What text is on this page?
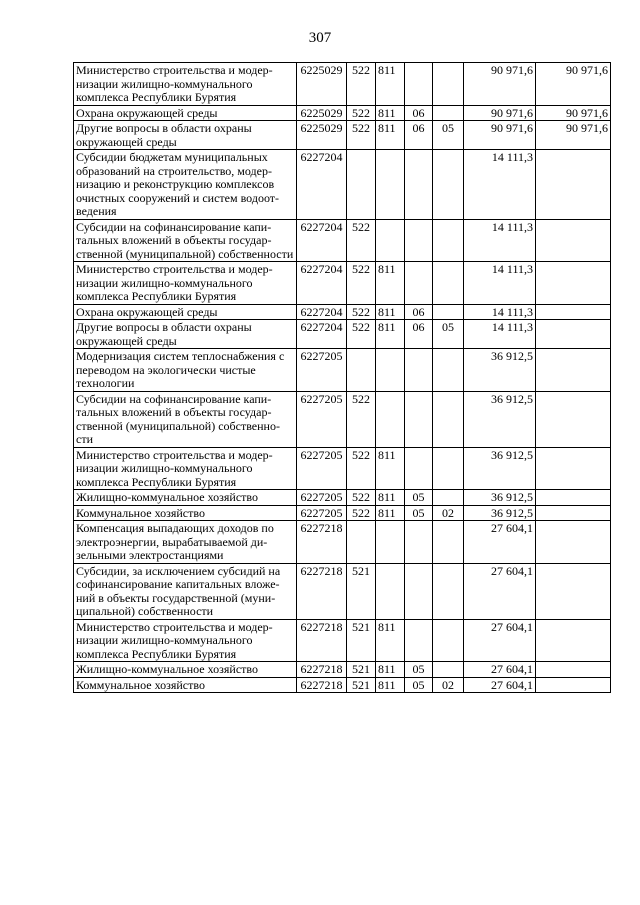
307
Министерство строительства и модер-низации жилищно-коммунального комплекса Республики Бурятия	6225029	522	811			90 971,6	90 971,6
Охрана окружающей среды	6225029	522	811	06		90 971,6	90 971,6
Другие вопросы в области охраны окружающей среды	6225029	522	811	06	05	90 971,6	90 971,6
Субсидии бюджетам муниципальных образований на строительство, модер-низацию и реконструкцию комплексов очистных сооружений и систем водоот-ведения	6227204					14 111,3	
Субсидии на софинансирование капи-тальных вложений в объекты государ-ственной (муниципальной) собственности	6227204	522				14 111,3	
Министерство строительства и модер-низации жилищно-коммунального комплекса Республики Бурятия	6227204	522	811			14 111,3	
Охрана окружающей среды	6227204	522	811	06		14 111,3	
Другие вопросы в области охраны окружающей среды	6227204	522	811	06	05	14 111,3	
Модернизация систем теплоснабжения с переводом на экологически чистые технологии	6227205					36 912,5	
Субсидии на софинансирование капи-тальных вложений в объекты государ-ственной (муниципальной) собственно-сти	6227205	522				36 912,5	
Министерство строительства и модер-низации жилищно-коммунального комплекса Республики Бурятия	6227205	522	811			36 912,5	
Жилищно-коммунальное хозяйство	6227205	522	811	05		36 912,5	
Коммунальное хозяйство	6227205	522	811	05	02	36 912,5	
Компенсация выпадающих доходов по электроэнергии, вырабатываемой ди-зельными электростанциями	6227218					27 604,1	
Субсидии, за исключением субсидий на софинансирование капитальных вложе-ний в объекты государственной (муни-ципальной) собственности	6227218	521				27 604,1	
Министерство строительства и модер-низации жилищно-коммунального комплекса Республики Бурятия	6227218	521	811			27 604,1	
Жилищно-коммунальное хозяйство	6227218	521	811	05		27 604,1	
Коммунальное хозяйство	6227218	521	811	05	02	27 604,1	
